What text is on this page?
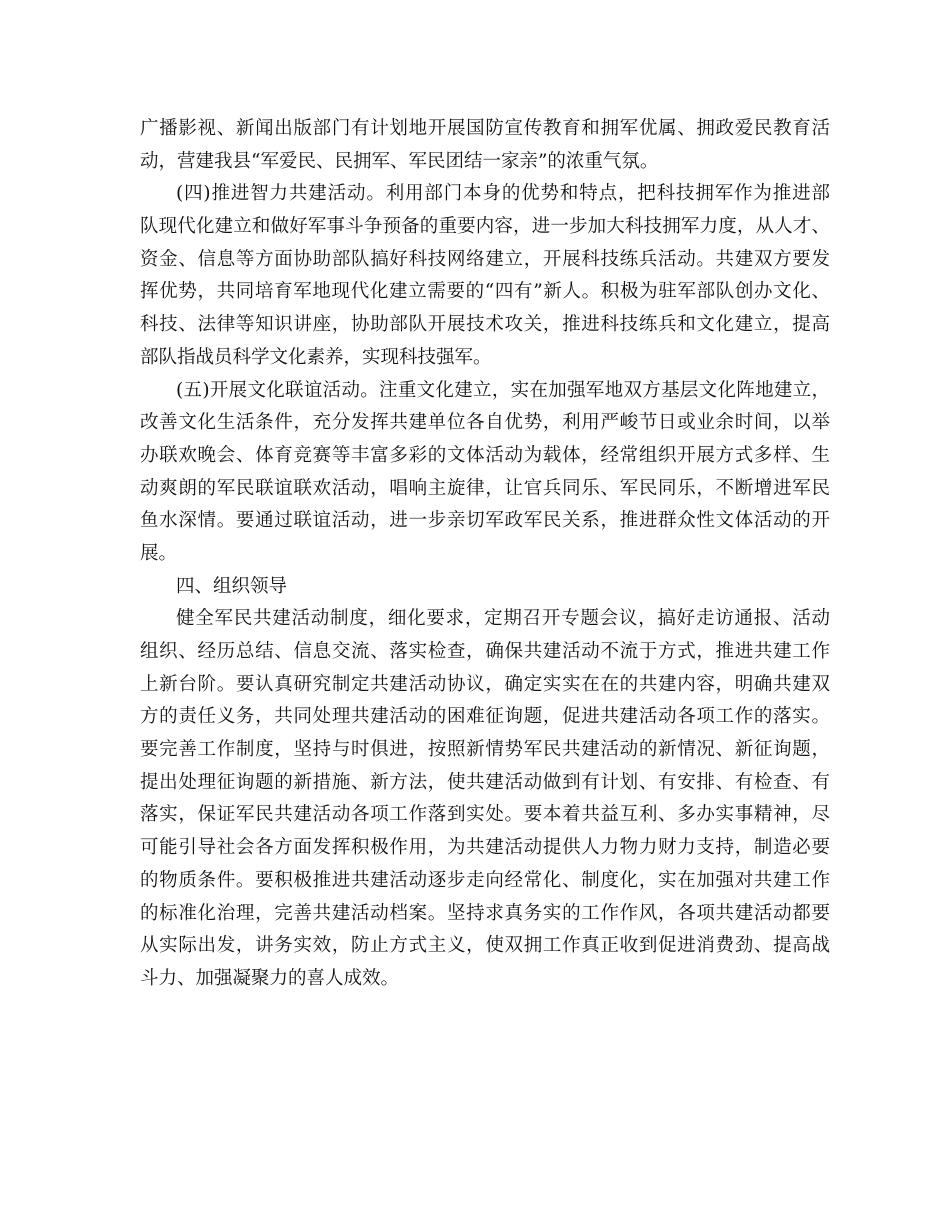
广播影视、新闻出版部门有计划地开展国防宣传教育和拥军优属、拥政爱民教育活
动，营建我县“军爱民、民拥军、军民团结一家亲”的浓重气氛。
(四)推进智力共建活动。利用部门本身的优势和特点，把科技拥军作为推进部
队现代化建立和做好军事斗争预备的重要内容，进一步加大科技拥军力度，从人才、
资金、信息等方面协助部队搞好科技网络建立，开展科技练兵活动。共建双方要发
挥优势，共同培育军地现代化建立需要的“四有”新人。积极为驻军部队创办文化、
科技、法律等知识讲座，协助部队开展技术攻关，推进科技练兵和文化建立，提高
部队指战员科学文化素养，实现科技强军。
(五)开展文化联谊活动。注重文化建立，实在加强军地双方基层文化阵地建立，
改善文化生活条件，充分发挥共建单位各自优势，利用严峻节日或业余时间，以举
办联欢晚会、体育竞赛等丰富多彩的文体活动为载体，经常组织开展方式多样、生
动爽朗的军民联谊联欢活动，唱响主旋律，让官兵同乐、军民同乐，不断增进军民
鱼水深情。要通过联谊活动，进一步亲切军政军民关系，推进群众性文体活动的开
展。
四、组织领导
健全军民共建活动制度，细化要求，定期召开专题会议，搞好走访通报、活动
组织、经历总结、信息交流、落实检查，确保共建活动不流于方式，推进共建工作
上新台阶。要认真研究制定共建活动协议，确定实实在在的共建内容，明确共建双
方的责任义务，共同处理共建活动的困难征询题，促进共建活动各项工作的落实。
要完善工作制度，坚持与时俱进，按照新情势军民共建活动的新情况、新征询题，
提出处理征询题的新措施、新方法，使共建活动做到有计划、有安排、有检查、有
落实，保证军民共建活动各项工作落到实处。要本着共益互利、多办实事精神，尽
可能引导社会各方面发挥积极作用，为共建活动提供人力物力财力支持，制造必要
的物质条件。要积极推进共建活动逐步走向经常化、制度化，实在加强对共建工作
的标准化治理，完善共建活动档案。坚持求真务实的工作作风，各项共建活动都要
从实际出发，讲务实效，防止方式主义，使双拥工作真正收到促进消费劲、提高战
斗力、加强凝聚力的喜人成效。
